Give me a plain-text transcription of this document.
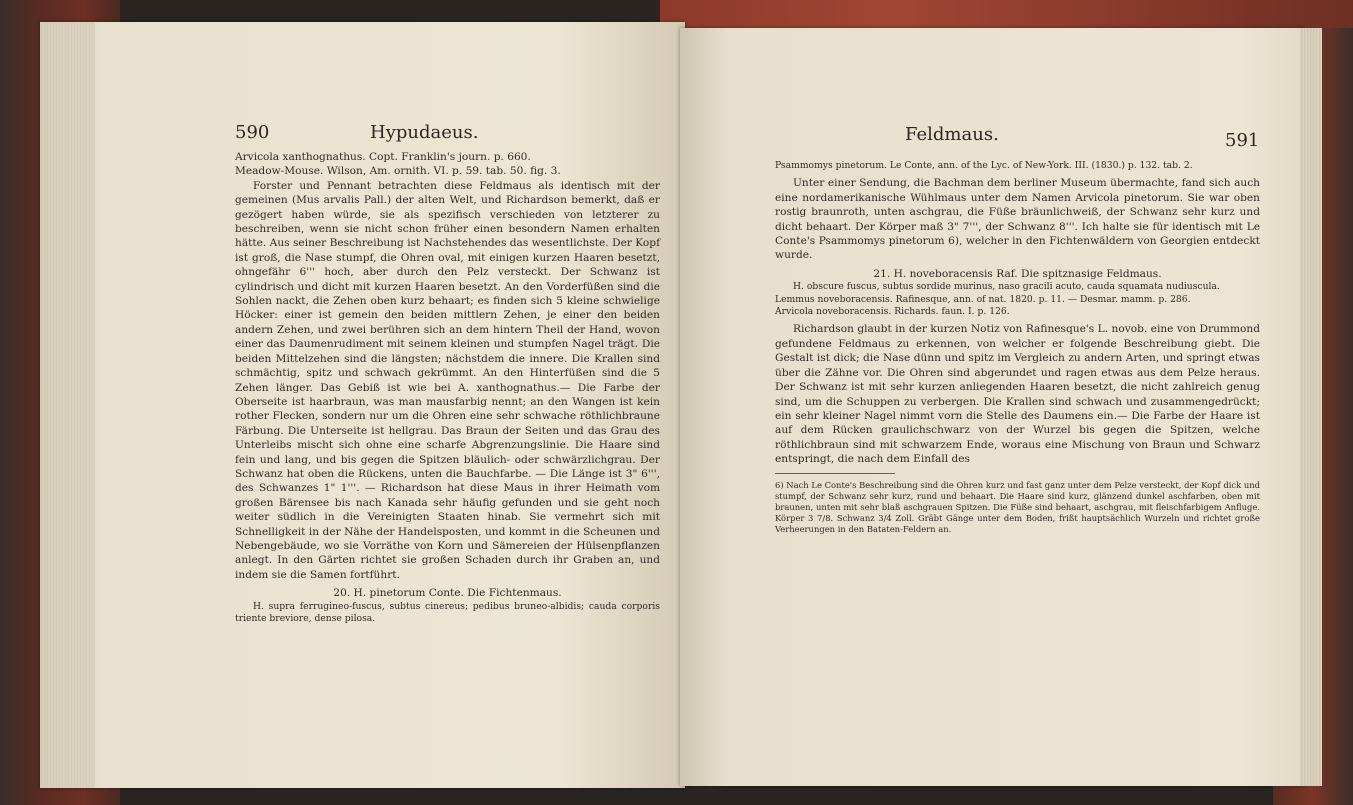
590	Hypudaeus.

Arvicola xanthognathus. Copt. Franklin's journ. p. 660.

Meadow-Mouse. Wilson, Am. ornith. VI. p. 59. tab. 50. fig. 3.

Forster und Pennant betrachten diese Feldmaus als identisch mit der gemeinen (Mus arvalis Pall.) der alten Welt, und Richardson bemerkt, daß er gezögert haben würde, sie als spezifisch verschieden von letzterer zu beschreiben, wenn sie nicht schon früher einen besondern Namen erhalten hätte. Aus seiner Beschreibung ist Nachstehendes das wesentlichste. Der Kopf ist groß, die Nase stumpf, die Ohren oval, mit einigen kurzen Haaren besetzt, ohngefähr 6''' hoch, aber durch den Pelz versteckt. Der Schwanz ist cylindrisch und dicht mit kurzen Haaren besetzt. An den Vorderfüßen sind die Sohlen nackt, die Zehen oben kurz behaart; es finden sich 5 kleine schwielige Höcker: einer ist gemein den beiden mittlern Zehen, je einer den beiden andern Zehen, und zwei berühren sich an dem hintern Theil der Hand, wovon einer das Daumenrudiment mit seinem kleinen und stumpfen Nagel trägt. Die beiden Mittelzehen sind die längsten; nächstdem die innere. Die Krallen sind schmächtig, spitz und schwach gekrümmt. An den Hinterfüßen sind die 5 Zehen länger. Das Gebiß ist wie bei A. xanthognathus.— Die Farbe der Oberseite ist haarbraun, was man mausfarbig nennt; an den Wangen ist kein rother Flecken, sondern nur um die Ohren eine sehr schwache röthlichbraune Färbung. Die Unterseite ist hellgrau. Das Braun der Seiten und das Grau des Unterleibs mischt sich ohne eine scharfe Abgrenzungslinie. Die Haare sind fein und lang, und bis gegen die Spitzen bläulich- oder schwärzlichgrau. Der Schwanz hat oben die Rückens, unten die Bauchfarbe. — Die Länge ist 3" 6''', des Schwanzes 1" 1'''. — Richardson hat diese Maus in ihrer Heimath vom großen Bärensee bis nach Kanada sehr häufig gefunden und sie geht noch weiter südlich in die Vereinigten Staaten hinab. Sie vermehrt sich mit Schnelligkeit in der Nähe der Handelsposten, und kommt in die Scheunen und Nebengebäude, wo sie Vorräthe von Korn und Sämereien der Hülsenpflanzen anlegt. In den Gärten richtet sie großen Schaden durch ihr Graben an, und indem sie die Samen fortführt.

20. H. pinetorum Conte. Die Fichtenmaus.

H. supra ferrugineo-fuscus, subtus cinereus; pedibus bruneo-albidis; cauda corporis triente breviore, dense pilosa.

Feldmaus.	591

Psammomys pinetorum. Le Conte, ann. of the Lyc. of New-York. III. (1830.) p. 132. tab. 2.

Unter einer Sendung, die Bachman dem berliner Museum übermachte, fand sich auch eine nordamerikanische Wühlmaus unter dem Namen Arvicola pinetorum. Sie war oben rostig braunroth, unten aschgrau, die Füße bräunlichweiß, der Schwanz sehr kurz und dicht behaart. Der Körper maß 3" 7''', der Schwanz 8'''. Ich halte sie für identisch mit Le Conte's Psammomys pinetorum 6), welcher in den Fichtenwäldern von Georgien entdeckt wurde.

21. H. noveboracensis Raf. Die spitznasige Feldmaus.

H. obscure fuscus, subtus sordide murinus, naso gracili acuto, cauda squamata nudiuscula.

Lemmus noveboracensis. Rafinesque, ann. of nat. 1820. p. 11. — Desmar. mamm. p. 286.

Arvicola noveboracensis. Richards. faun. I. p. 126.

Richardson glaubt in der kurzen Notiz von Rafinesque's L. novob. eine von Drummond gefundene Feldmaus zu erkennen, von welcher er folgende Beschreibung giebt. Die Gestalt ist dick; die Nase dünn und spitz im Vergleich zu andern Arten, und springt etwas über die Zähne vor. Die Ohren sind abgerundet und ragen etwas aus dem Pelze heraus. Der Schwanz ist mit sehr kurzen anliegenden Haaren besetzt, die nicht zahlreich genug sind, um die Schuppen zu verbergen. Die Krallen sind schwach und zusammengedrückt; ein sehr kleiner Nagel nimmt vorn die Stelle des Daumens ein.— Die Farbe der Haare ist auf dem Rücken graulichschwarz von der Wurzel bis gegen die Spitzen, welche röthlichbraun sind mit schwarzem Ende, woraus eine Mischung von Braun und Schwarz entspringt, die nach dem Einfall des

6) Nach Le Conte's Beschreibung sind die Ohren kurz und fast ganz unter dem Pelze versteckt, der Kopf dick und stumpf, der Schwanz sehr kurz, rund und behaart. Die Haare sind kurz, glänzend dunkel aschfarben, oben mit braunen, unten mit sehr blaß aschgrauen Spitzen. Die Füße sind behaart, aschgrau, mit fleischfarbigem Anfluge. Körper 3 7/8. Schwanz 3/4 Zoll. Gräbt Gänge unter dem Boden, frißt hauptsächlich Wurzeln und richtet große Verheerungen in den Bataten-Feldern an.
